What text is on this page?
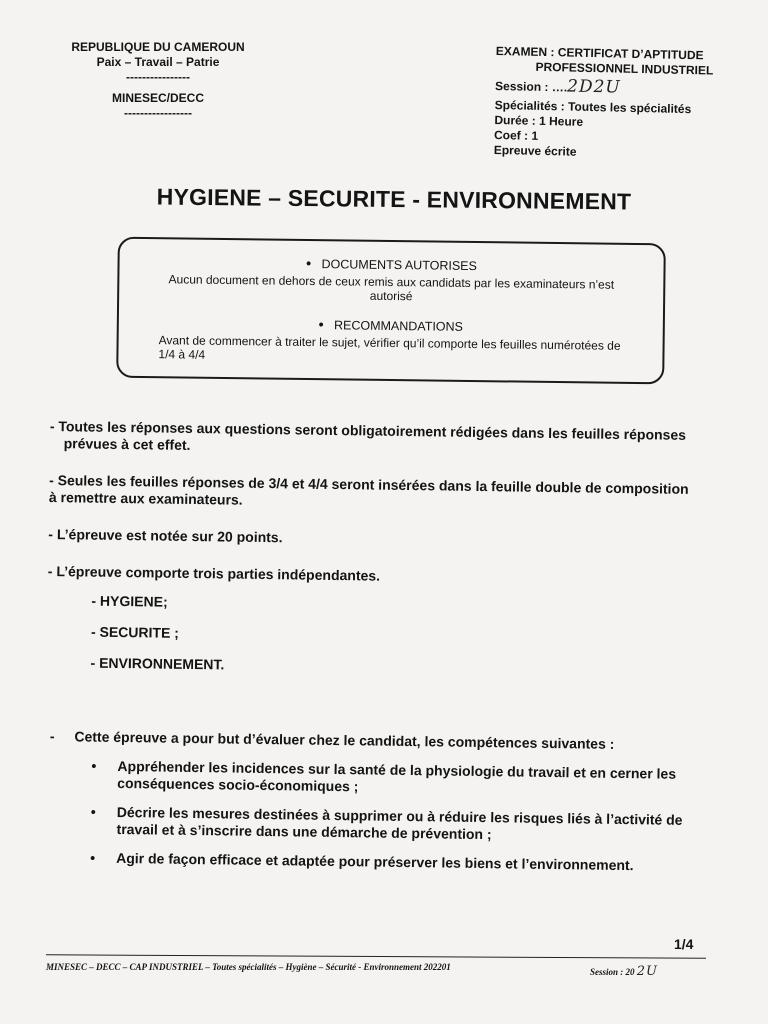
REPUBLIQUE DU CAMEROUN
Paix – Travail – Patrie
----------------
MINESEC/DECC
-----------------
EXAMEN : CERTIFICAT D’APTITUDE
PROFESSIONNEL INDUSTRIEL
Session : ….2D2U
Spécialités : Toutes les spécialités
Durée : 1 Heure
Coef : 1
Epreuve écrite
HYGIENE – SECURITE - ENVIRONNEMENT
• DOCUMENTS AUTORISES
Aucun document en dehors de ceux remis aux candidats par les examinateurs n’est autorisé
• RECOMMANDATIONS
Avant de commencer à traiter le sujet, vérifier qu’il comporte les feuilles numérotées de 1/4 à 4/4
- Toutes les réponses aux questions seront obligatoirement rédigées dans les feuilles réponses prévues à cet effet.
- Seules les feuilles réponses de 3/4 et 4/4 seront insérées dans la feuille double de composition à remettre aux examinateurs.
- L’épreuve est notée sur 20 points.
- L’épreuve comporte trois parties indépendantes.
- HYGIENE;
- SECURITE ;
- ENVIRONNEMENT.
- Cette épreuve a pour but d’évaluer chez le candidat, les compétences suivantes :
•	Appréhender les incidences sur la santé de la physiologie du travail et en cerner les conséquences socio-économiques ;
•	Décrire les mesures destinées à supprimer ou à réduire les risques liés à l’activité de travail et à s’inscrire dans une démarche de prévention ;
•	Agir de façon efficace et adaptée pour préserver les biens et l’environnement.
1/4
MINESEC – DECC – CAP INDUSTRIEL – Toutes spécialités – Hygiène – Sécurité - Environnement 202201	Session : 20 2U
